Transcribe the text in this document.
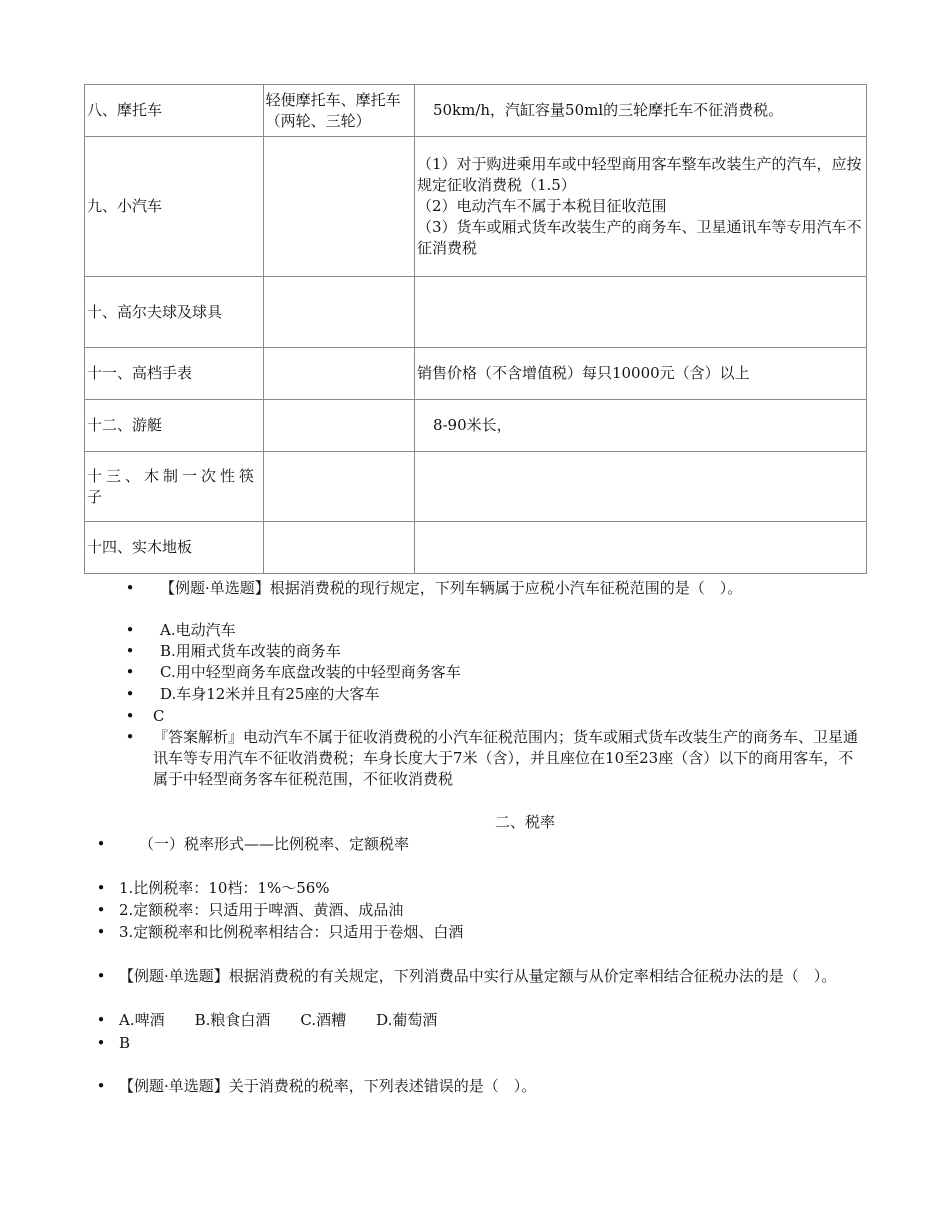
八、摩托车	轻便摩托车、摩托车（两轮、三轮）	50km/h，汽缸容量50ml的三轮摩托车不征消费税。

九、小汽车		（1）对于购进乘用车或中轻型商用客车整车改装生产的汽车，应按规定征收消费税（1.5）
（2）电动汽车不属于本税目征收范围
（3）货车或厢式货车改装生产的商务车、卫星通讯车等专用汽车不征消费税

十、高尔夫球及球具		
十一、高档手表		销售价格（不含增值税）每只10000元（含）以上
十二、游艇		8-90米长，
十三、木制一次性筷子		
十四、实木地板		
• 【例题·单选题】根据消费税的现行规定，下列车辆属于应税小汽车征税范围的是（　）。
• A.电动汽车
• B.用厢式货车改装的商务车
• C.用中轻型商务车底盘改装的中轻型商务客车
• D.车身12米并且有25座的大客车
• C
• 『答案解析』电动汽车不属于征收消费税的小汽车征税范围内；货车或厢式货车改装生产的商务车、卫星通讯车等专用汽车不征收消费税；车身长度大于7米（含），并且座位在10至23座（含）以下的商用客车，不属于中轻型商务客车征税范围，不征收消费税
二、税率
• （一）税率形式——比例税率、定额税率
• 1.比例税率：10档：1%～56%
• 2.定额税率：只适用于啤酒、黄酒、成品油
• 3.定额税率和比例税率相结合：只适用于卷烟、白酒
• 【例题·单选题】根据消费税的有关规定，下列消费品中实行从量定额与从价定率相结合征税办法的是（　）。
• A.啤酒　　B.粮食白酒　　C.酒糟　　D.葡萄酒
• B
• 【例题·单选题】关于消费税的税率，下列表述错误的是（　）。
